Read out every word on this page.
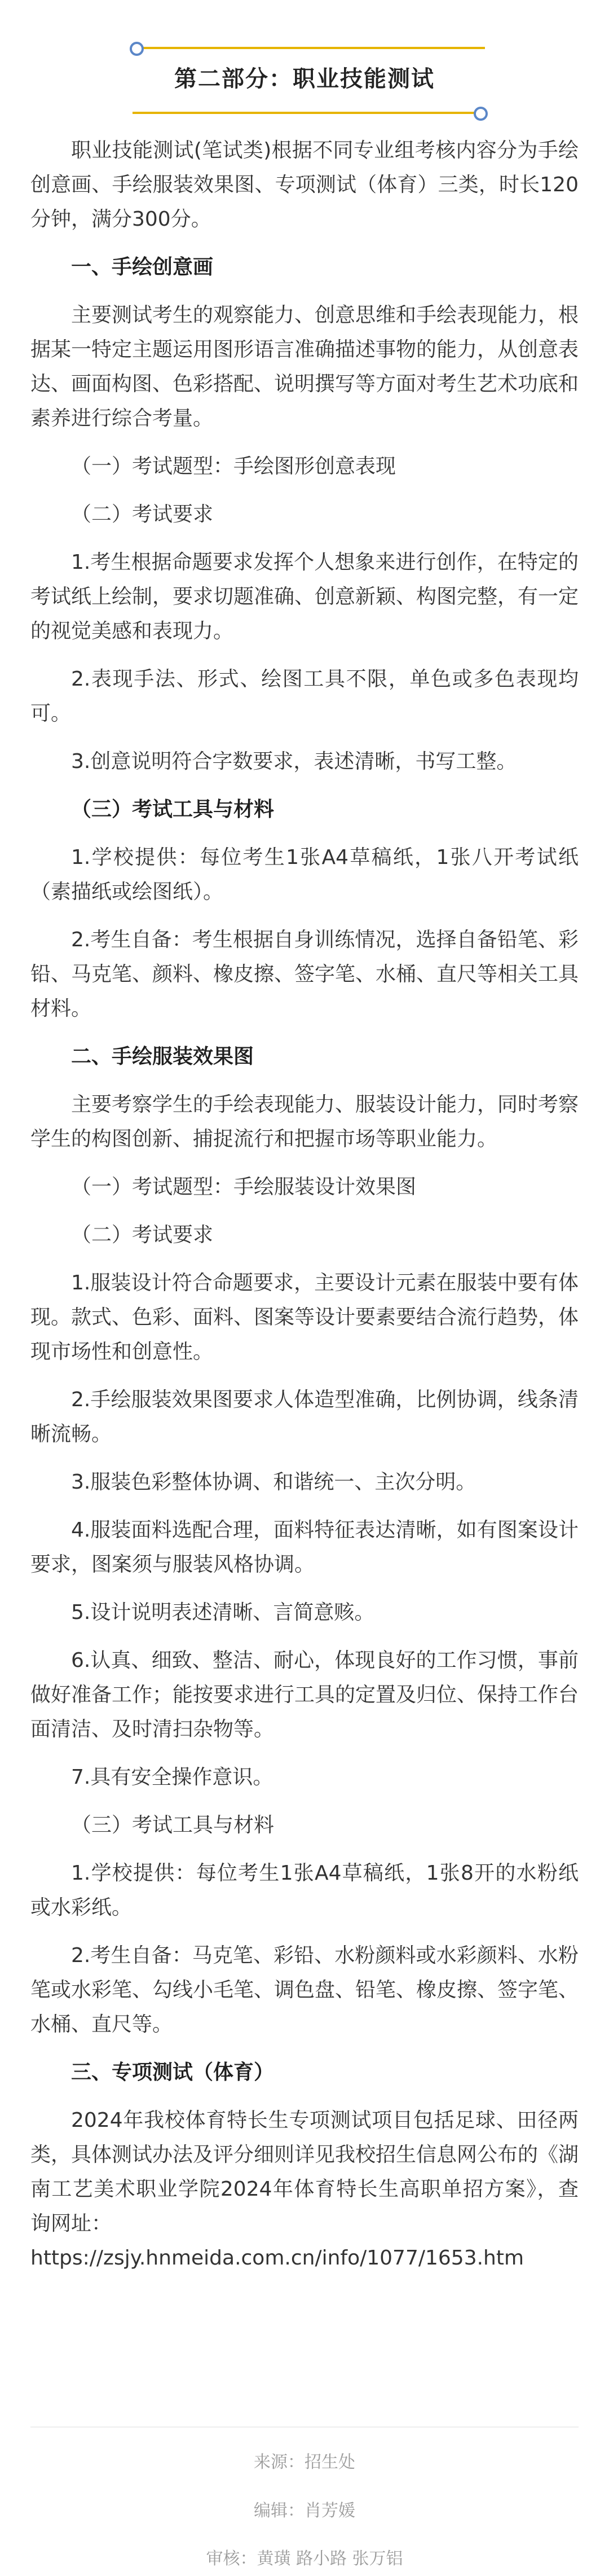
第二部分：职业技能测试

职业技能测试(笔试类)根据不同专业组考核内容分为手绘创意画、手绘服装效果图、专项测试（体育）三类，时长120分钟，满分300分。

一、手绘创意画

主要测试考生的观察能力、创意思维和手绘表现能力，根据某一特定主题运用图形语言准确描述事物的能力，从创意表达、画面构图、色彩搭配、说明撰写等方面对考生艺术功底和素养进行综合考量。

（一）考试题型：手绘图形创意表现

（二）考试要求

1.考生根据命题要求发挥个人想象来进行创作，在特定的考试纸上绘制，要求切题准确、创意新颖、构图完整，有一定的视觉美感和表现力。

2.表现手法、形式、绘图工具不限，单色或多色表现均可。

3.创意说明符合字数要求，表述清晰，书写工整。

（三）考试工具与材料

1.学校提供：每位考生1张A4草稿纸，1张八开考试纸（素描纸或绘图纸）。

2.考生自备：考生根据自身训练情况，选择自备铅笔、彩铅、马克笔、颜料、橡皮擦、签字笔、水桶、直尺等相关工具材料。

二、手绘服装效果图

主要考察学生的手绘表现能力、服装设计能力，同时考察学生的构图创新、捕捉流行和把握市场等职业能力。

（一）考试题型：手绘服装设计效果图

（二）考试要求

1.服装设计符合命题要求，主要设计元素在服装中要有体现。款式、色彩、面料、图案等设计要素要结合流行趋势，体现市场性和创意性。

2.手绘服装效果图要求人体造型准确，比例协调，线条清晰流畅。

3.服装色彩整体协调、和谐统一、主次分明。

4.服装面料选配合理，面料特征表达清晰，如有图案设计要求，图案须与服装风格协调。

5.设计说明表述清晰、言简意赅。

6.认真、细致、整洁、耐心，体现良好的工作习惯，事前做好准备工作；能按要求进行工具的定置及归位、保持工作台面清洁、及时清扫杂物等。

7.具有安全操作意识。

（三）考试工具与材料

1.学校提供：每位考生1张A4草稿纸，1张8开的水粉纸或水彩纸。

2.考生自备：马克笔、彩铅、水粉颜料或水彩颜料、水粉笔或水彩笔、勾线小毛笔、调色盘、铅笔、橡皮擦、签字笔、水桶、直尺等。

三、专项测试（体育）

2024年我校体育特长生专项测试项目包括足球、田径两类，具体测试办法及评分细则详见我校招生信息网公布的《湖南工艺美术职业学院2024年体育特长生高职单招方案》，查询网址：

https://zsjy.hnmeida.com.cn/info/1077/1653.htm

来源：招生处
编辑：肖芳媛
审核：黄璜 路小路 张万铝
